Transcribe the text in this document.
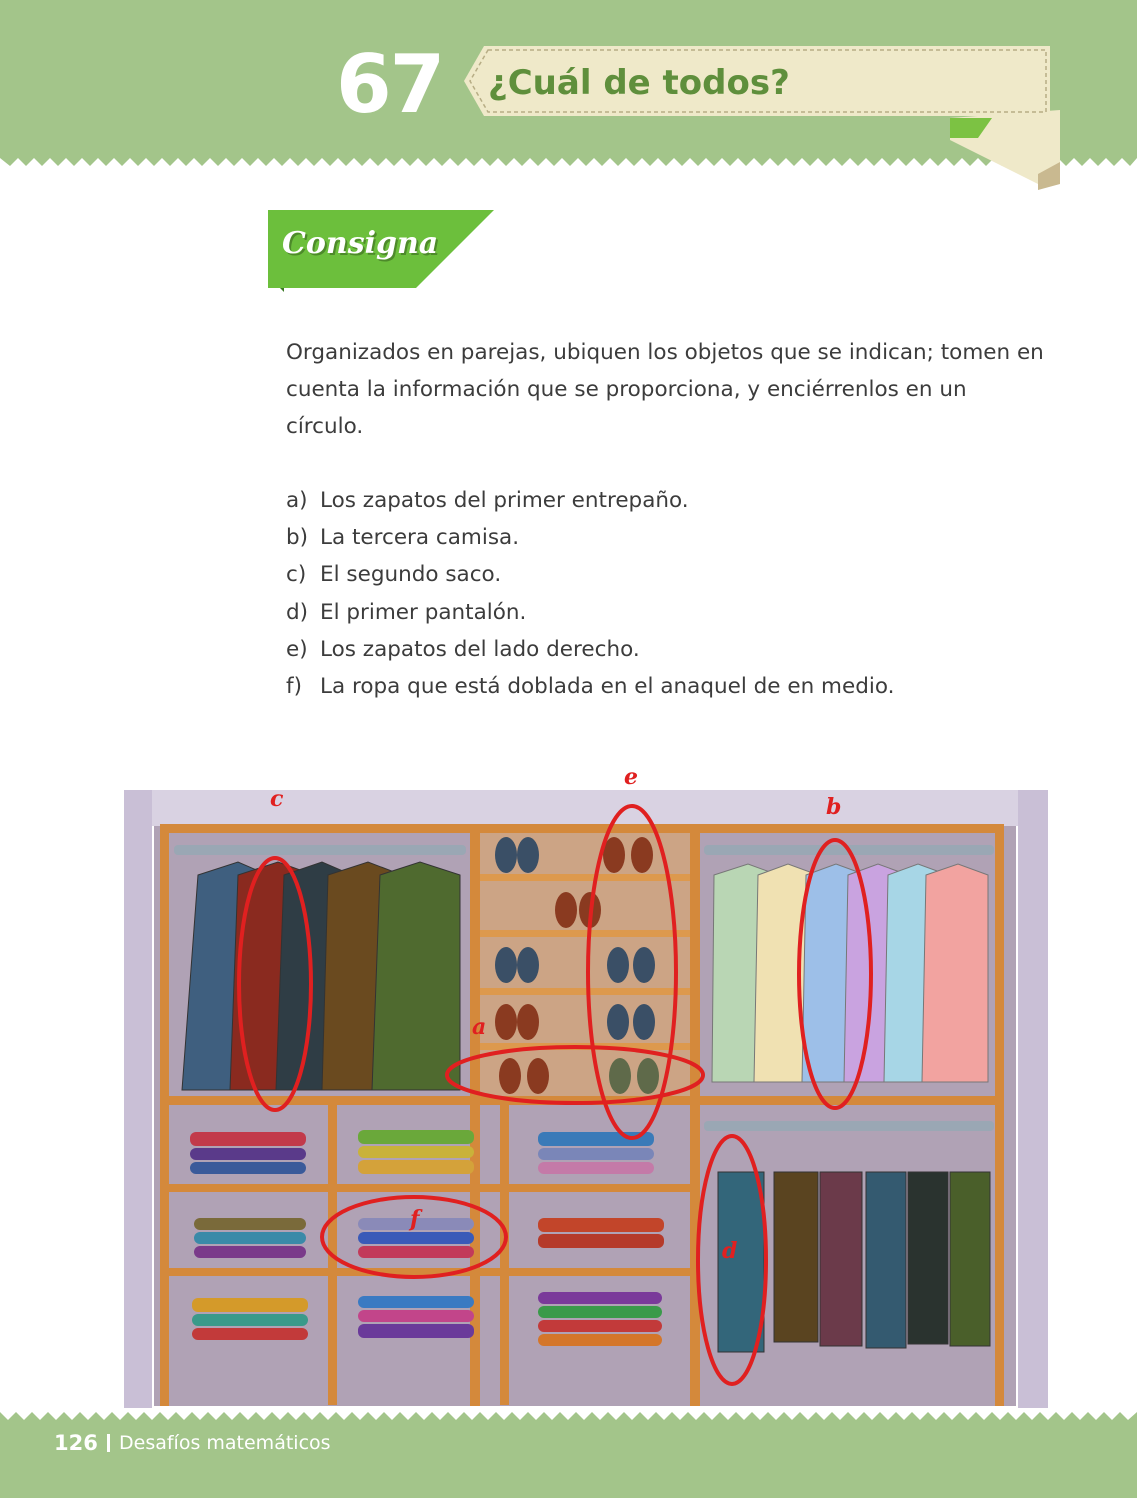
67 ¿Cuál de todos?
Consigna

Organizados en parejas, ubiquen los objetos que se indican; tomen en cuenta la información que se proporciona, y enciérrenlos en un círculo.

a) Los zapatos del primer entrepaño.
b) La tercera camisa.
c) El segundo saco.
d) El primer pantalón.
e) Los zapatos del lado derecho.
f) La ropa que está doblada en el anaquel de en medio.
c
e
b
a
f
d
126 Desafíos matemáticos
